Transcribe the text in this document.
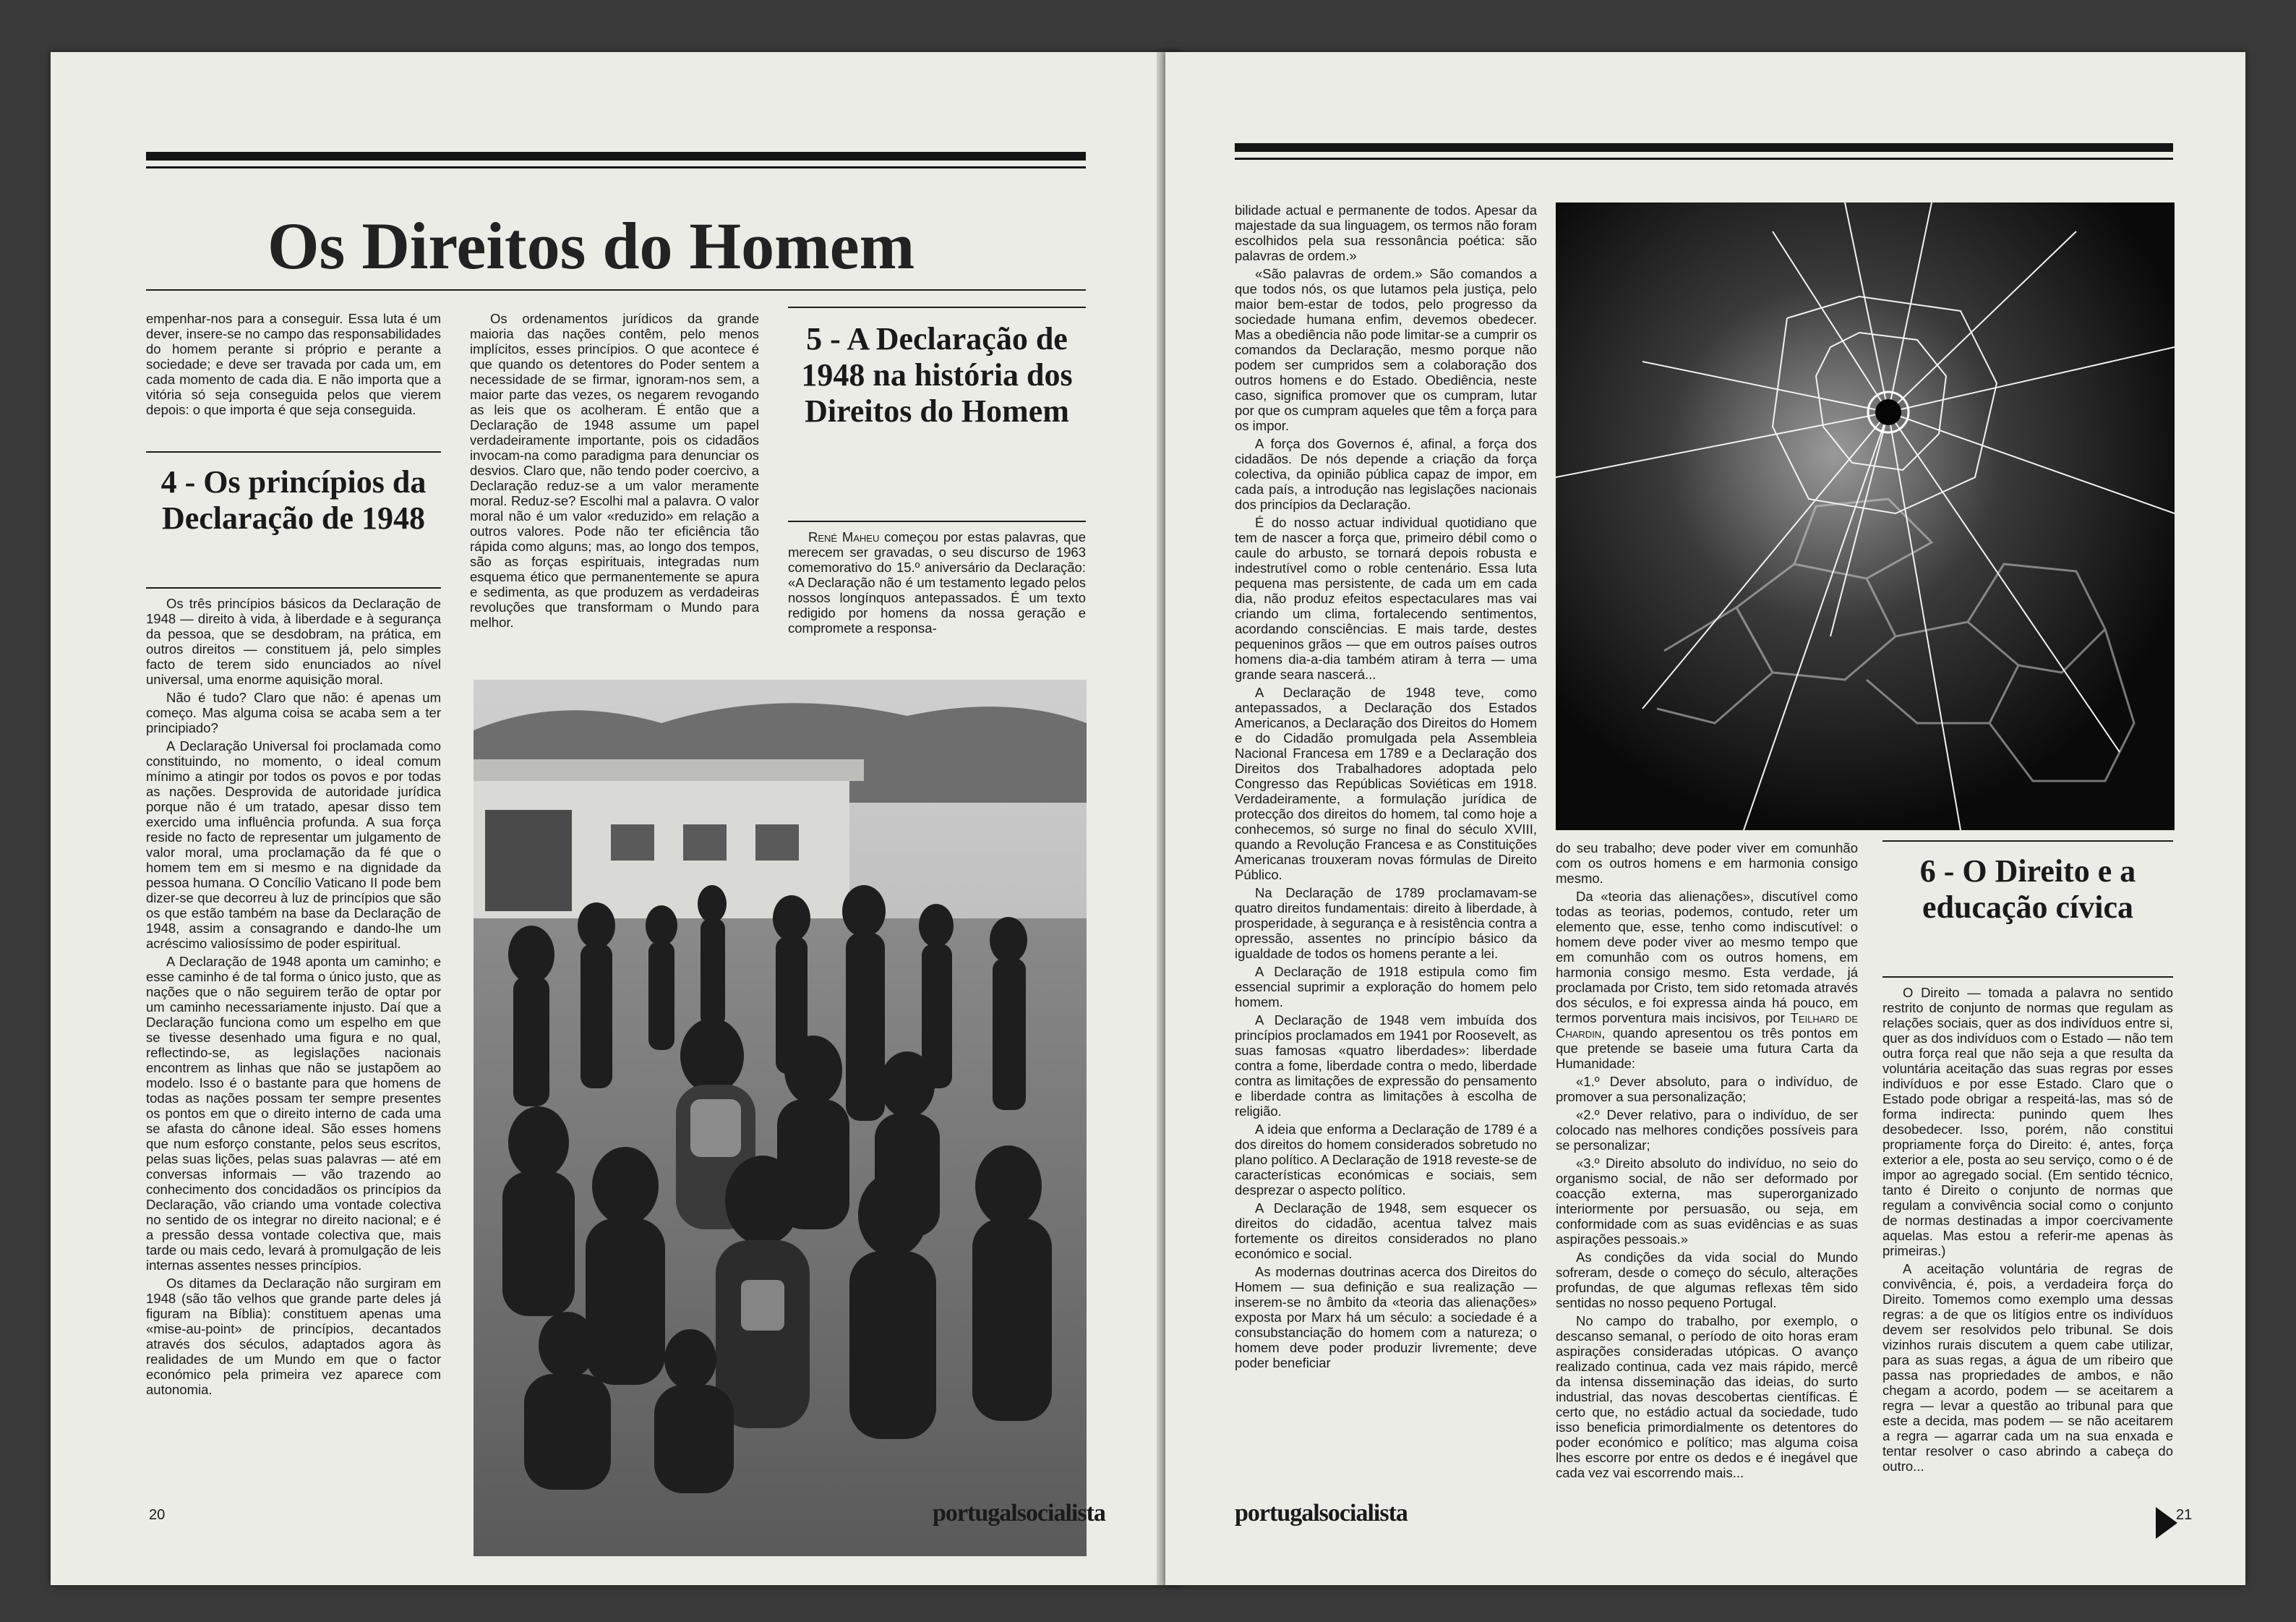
Os Direitos do Homem

empenhar-nos para a conseguir. Essa luta é um dever, insere-se no campo das responsabilidades do homem perante si próprio e perante a sociedade; e deve ser travada por cada um, em cada momento de cada dia. E não importa que a vitória só seja conseguida pelos que vierem depois: o que importa é que seja conseguida.

4 - Os princípios da Declaração de 1948

Os três princípios básicos da Declaração de 1948 — direito à vida, à liberdade e à segurança da pessoa, que se desdobram, na prática, em outros direitos — constituem já, pelo simples facto de terem sido enunciados ao nível universal, uma enorme aquisição moral.

Não é tudo? Claro que não: é apenas um começo. Mas alguma coisa se acaba sem a ter principiado?

A Declaração Universal foi proclamada como constituindo, no momento, o ideal comum mínimo a atingir por todos os povos e por todas as nações. Desprovida de autoridade jurídica porque não é um tratado, apesar disso tem exercido uma influência profunda. A sua força reside no facto de representar um julgamento de valor moral, uma proclamação da fé que o homem tem em si mesmo e na dignidade da pessoa humana. O Concílio Vaticano II pode bem dizer-se que decorreu à luz de princípios que são os que estão também na base da Declaração de 1948, assim a consagrando e dando-lhe um acréscimo valiosíssimo de poder espiritual.

A Declaração de 1948 aponta um caminho; e esse caminho é de tal forma o único justo, que as nações que o não seguirem terão de optar por um caminho necessariamente injusto. Daí que a Declaração funciona como um espelho em que se tivesse desenhado uma figura e no qual, reflectindo-se, as legislações nacionais encontrem as linhas que não se justapõem ao modelo. Isso é o bastante para que homens de todas as nações possam ter sempre presentes os pontos em que o direito interno de cada uma se afasta do cânone ideal. São esses homens que num esforço constante, pelos seus escritos, pelas suas lições, pelas suas palavras — até em conversas informais — vão trazendo ao conhecimento dos concidadãos os princípios da Declaração, vão criando uma vontade colectiva no sentido de os integrar no direito nacional; e é a pressão dessa vontade colectiva que, mais tarde ou mais cedo, levará à promulgação de leis internas assentes nesses princípios.

Os ditames da Declaração não surgiram em 1948 (são tão velhos que grande parte deles já figuram na Bíblia): constituem apenas uma «mise-au-point» de princípios, decantados através dos séculos, adaptados agora às realidades de um Mundo em que o factor económico pela primeira vez aparece com autonomia.

Os ordenamentos jurídicos da grande maioria das nações contêm, pelo menos implícitos, esses princípios. O que acontece é que quando os detentores do Poder sentem a necessidade de se firmar, ignoram-nos sem, a maior parte das vezes, os negarem revogando as leis que os acolheram. É então que a Declaração de 1948 assume um papel verdadeiramente importante, pois os cidadãos invocam-na como paradigma para denunciar os desvios. Claro que, não tendo poder coercivo, a Declaração reduz-se a um valor meramente moral. Reduz-se? Escolhi mal a palavra. O valor moral não é um valor «reduzido» em relação a outros valores. Pode não ter eficiência tão rápida como alguns; mas, ao longo dos tempos, são as forças espirituais, integradas num esquema ético que permanentemente se apura e sedimenta, as que produzem as verdadeiras revoluções que transformam o Mundo para melhor.

5 - A Declaração de 1948 na história dos Direitos do Homem

René Maheu começou por estas palavras, que merecem ser gravadas, o seu discurso de 1963 comemorativo do 15.º aniversário da Declaração: «A Declaração não é um testamento legado pelos nossos longínquos antepassados. É um texto redigido por homens da nossa geração e compromete a responsa-

20	portugalsocialista

bilidade actual e permanente de todos. Apesar da majestade da sua linguagem, os termos não foram escolhidos pela sua ressonância poética: são palavras de ordem.»

«São palavras de ordem.» São comandos a que todos nós, os que lutamos pela justiça, pelo maior bem-estar de todos, pelo progresso da sociedade humana enfim, devemos obedecer. Mas a obediência não pode limitar-se a cumprir os comandos da Declaração, mesmo porque não podem ser cumpridos sem a colaboração dos outros homens e do Estado. Obediência, neste caso, significa promover que os cumpram, lutar por que os cumpram aqueles que têm a força para os impor.

A força dos Governos é, afinal, a força dos cidadãos. De nós depende a criação da força colectiva, da opinião pública capaz de impor, em cada país, a introdução nas legislações nacionais dos princípios da Declaração.

É do nosso actuar individual quotidiano que tem de nascer a força que, primeiro débil como o caule do arbusto, se tornará depois robusta e indestrutível como o roble centenário. Essa luta pequena mas persistente, de cada um em cada dia, não produz efeitos espectaculares mas vai criando um clima, fortalecendo sentimentos, acordando consciências. E mais tarde, destes pequeninos grãos — que em outros países outros homens dia-a-dia também atiram à terra — uma grande seara nascerá...

A Declaração de 1948 teve, como antepassados, a Declaração dos Estados Americanos, a Declaração dos Direitos do Homem e do Cidadão promulgada pela Assembleia Nacional Francesa em 1789 e a Declaração dos Direitos dos Trabalhadores adoptada pelo Congresso das Repúblicas Soviéticas em 1918. Verdadeiramente, a formulação jurídica de protecção dos direitos do homem, tal como hoje a conhecemos, só surge no final do século XVIII, quando a Revolução Francesa e as Constituições Americanas trouxeram novas fórmulas de Direito Público.

Na Declaração de 1789 proclamavam-se quatro direitos fundamentais: direito à liberdade, à prosperidade, à segurança e à resistência contra a opressão, assentes no princípio básico da igualdade de todos os homens perante a lei.

A Declaração de 1918 estipula como fim essencial suprimir a exploração do homem pelo homem.

A Declaração de 1948 vem imbuída dos princípios proclamados em 1941 por Roosevelt, as suas famosas «quatro liberdades»: liberdade contra a fome, liberdade contra o medo, liberdade contra as limitações de expressão do pensamento e liberdade contra as limitações à escolha de religião.

A ideia que enforma a Declaração de 1789 é a dos direitos do homem considerados sobretudo no plano político. A Declaração de 1918 reveste-se de características económicas e sociais, sem desprezar o aspecto político.

A Declaração de 1948, sem esquecer os direitos do cidadão, acentua talvez mais fortemente os direitos considerados no plano económico e social.

As modernas doutrinas acerca dos Direitos do Homem — sua definição e sua realização — inserem-se no âmbito da «teoria das alienações» exposta por Marx há um século: a sociedade é a consubstanciação do homem com a natureza; o homem deve poder produzir livremente; deve poder beneficiar

do seu trabalho; deve poder viver em comunhão com os outros homens e em harmonia consigo mesmo.

Da «teoria das alienações», discutível como todas as teorias, podemos, contudo, reter um elemento que, esse, tenho como indiscutível: o homem deve poder viver ao mesmo tempo que em comunhão com os outros homens, em harmonia consigo mesmo. Esta verdade, já proclamada por Cristo, tem sido retomada através dos séculos, e foi expressa ainda há pouco, em termos porventura mais incisivos, por Teilhard de Chardin, quando apresentou os três pontos em que pretende se baseie uma futura Carta da Humanidade:

«1.º Dever absoluto, para o indivíduo, de promover a sua personalização;

«2.º Dever relativo, para o indivíduo, de ser colocado nas melhores condições possíveis para se personalizar;

«3.º Direito absoluto do indivíduo, no seio do organismo social, de não ser deformado por coacção externa, mas superorganizado interiormente por persuasão, ou seja, em conformidade com as suas evidências e as suas aspirações pessoais.»

As condições da vida social do Mundo sofreram, desde o começo do século, alterações profundas, de que algumas reflexas têm sido sentidas no nosso pequeno Portugal.

No campo do trabalho, por exemplo, o descanso semanal, o período de oito horas eram aspirações consideradas utópicas. O avanço realizado continua, cada vez mais rápido, mercê da intensa disseminação das ideias, do surto industrial, das novas descobertas científicas. É certo que, no estádio actual da sociedade, tudo isso beneficia primordialmente os detentores do poder económico e político; mas alguma coisa lhes escorre por entre os dedos e é inegável que cada vez vai escorrendo mais...

6 - O Direito e a educação cívica

O Direito — tomada a palavra no sentido restrito de conjunto de normas que regulam as relações sociais, quer as dos indivíduos entre si, quer as dos indivíduos com o Estado — não tem outra força real que não seja a que resulta da voluntária aceitação das suas regras por esses indivíduos e por esse Estado. Claro que o Estado pode obrigar a respeitá-las, mas só de forma indirecta: punindo quem lhes desobedecer. Isso, porém, não constitui propriamente força do Direito: é, antes, força exterior a ele, posta ao seu serviço, como o é de impor ao agregado social. (Em sentido técnico, tanto é Direito o conjunto de normas que regulam a convivência social como o conjunto de normas destinadas a impor coercivamente aquelas. Mas estou a referir-me apenas às primeiras.)

A aceitação voluntária de regras de convivência, é, pois, a verdadeira força do Direito. Tomemos como exemplo uma dessas regras: a de que os litígios entre os indivíduos devem ser resolvidos pelo tribunal. Se dois vizinhos rurais discutem a quem cabe utilizar, para as suas regas, a água de um ribeiro que passa nas propriedades de ambos, e não chegam a acordo, podem — se aceitarem a regra — levar a questão ao tribunal para que este a decida, mas podem — se não aceitarem a regra — agarrar cada um na sua enxada e tentar resolver o caso abrindo a cabeça do outro...

portugalsocialista	21
